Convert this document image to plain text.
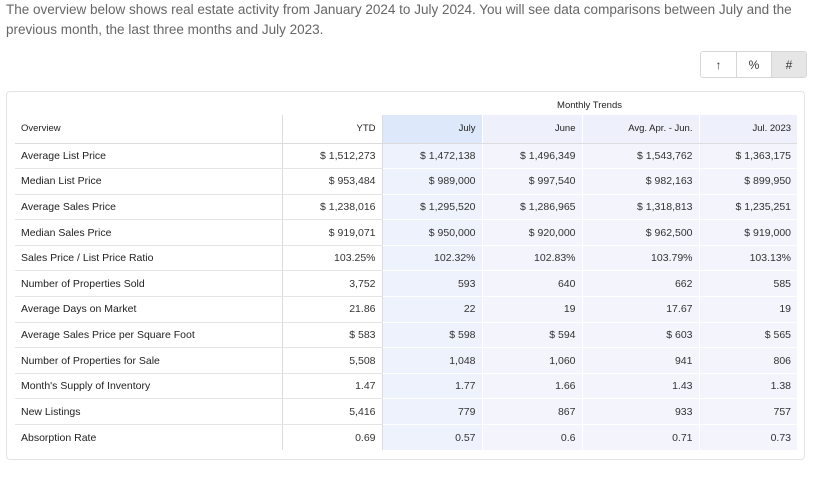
The overview below shows real estate activity from January 2024 to July 2024. You will see data comparisons between July and the previous month, the last three months and July 2023.

↑	%	#
		Monthly Trends			
Overview	YTD	July	June	Avg. Apr. - Jun.	Jul. 2023
Average List Price	$ 1,512,273	$ 1,472,138	$ 1,496,349	$ 1,543,762	$ 1,363,175
Median List Price	$ 953,484	$ 989,000	$ 997,540	$ 982,163	$ 899,950
Average Sales Price	$ 1,238,016	$ 1,295,520	$ 1,286,965	$ 1,318,813	$ 1,235,251
Median Sales Price	$ 919,071	$ 950,000	$ 920,000	$ 962,500	$ 919,000
Sales Price / List Price Ratio	103.25%	102.32%	102.83%	103.79%	103.13%
Number of Properties Sold	3,752	593	640	662	585
Average Days on Market	21.86	22	19	17.67	19
Average Sales Price per Square Foot	$ 583	$ 598	$ 594	$ 603	$ 565
Number of Properties for Sale	5,508	1,048	1,060	941	806
Month's Supply of Inventory	1.47	1.77	1.66	1.43	1.38
New Listings	5,416	779	867	933	757
Absorption Rate	0.69	0.57	0.6	0.71	0.73
